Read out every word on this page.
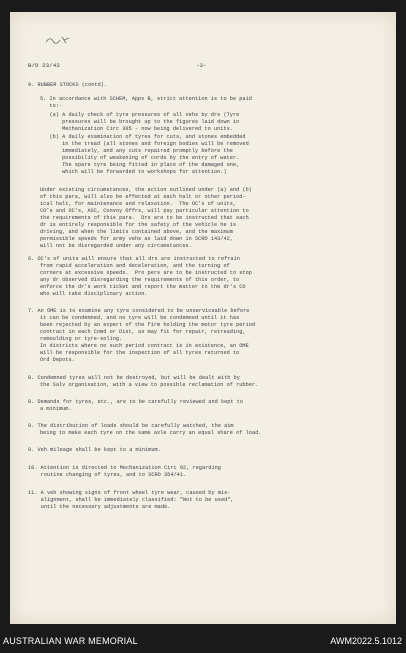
B/O 23/43	-3-
9. RUBBER STOCKS (contd).
5. In accordance with SCHEM, Appx B, strict attention is to be paid
to:-
(a) A daily check of tyre pressures of all vehs by drs (Tyre
pressures will be brought up to the figures laid down in
Mechanization Circ 305 - now being delivered to units.
(b) A daily examination of tyres for cuts, and stones embedded
in the tread (all stones and foreign bodies will be removed
immediately, and any cuts repaired promptly before the
possibility of weakening of cords by the entry of water.
The spare tyre being fitted in place of the damaged one,
which will be forwarded to workshops for attention.)
Under existing circumstances, the action outlined under (a) and (b)
of this para, will also be effected at each halt or other period-
ical halt, for maintenance and relaxation.  The OC's of units,
CO's and OC's, ASC, Convoy Offrs, will pay particular attention to
the requirements of this para.  Drs are to be instructed that each
dr is entirely responsible for the safety of the vehicle he is
driving, and when the limits contained above, and the maximum
permissible speeds for army vehs as laid down in SCRO 143/42,
will not be disregarded under any circumstances.
6. OC's of units will ensure that all drs are instructed to refrain
from rapid acceleration and deceleration, and the turning of
corners at excessive speeds.  Pro pers are to be instructed to stop
any dr observed disregarding the requirements of this order, to
enforce the dr's work ticket and report the matter to the dr's CO
who will take disciplinary action.
7. An OME is to examine any tyre considered to be unserviceable before
it can be condemned, and no tyre will be condemned until it has
been rejected by an expert of the firm holding the motor tyre period
contract in each Comd or Dist, as may fit for repair, retreading,
remoulding or tyre-soling.
In districts where no such period contract is in existence, an OME
will be responsible for the inspection of all tyres returned to
Ord Depots.
8. Condemned tyres will not be destroyed, but will be dealt with by
the Salv organisation, with a view to possible reclamation of rubber.
8. Demands for tyres, etc., are to be carefully reviewed and kept to
a minimum.
9. The distribution of loads should be carefully watched, the aim
being to make each tyre on the same axle carry an equal share of load.
9. Veh mileage shall be kept to a minimum.
10. Attention is directed to Mechanization Circ 92, regarding
routine changing of tyres, and to SCRO 354/41.
11. A veh showing signs of front wheel tyre wear, caused by mis-
alignment, shall be immediately classified: "Not to be used",
until the necessary adjustments are made.
AUSTRALIAN WAR MEMORIAL	AWM2022.5.1012
